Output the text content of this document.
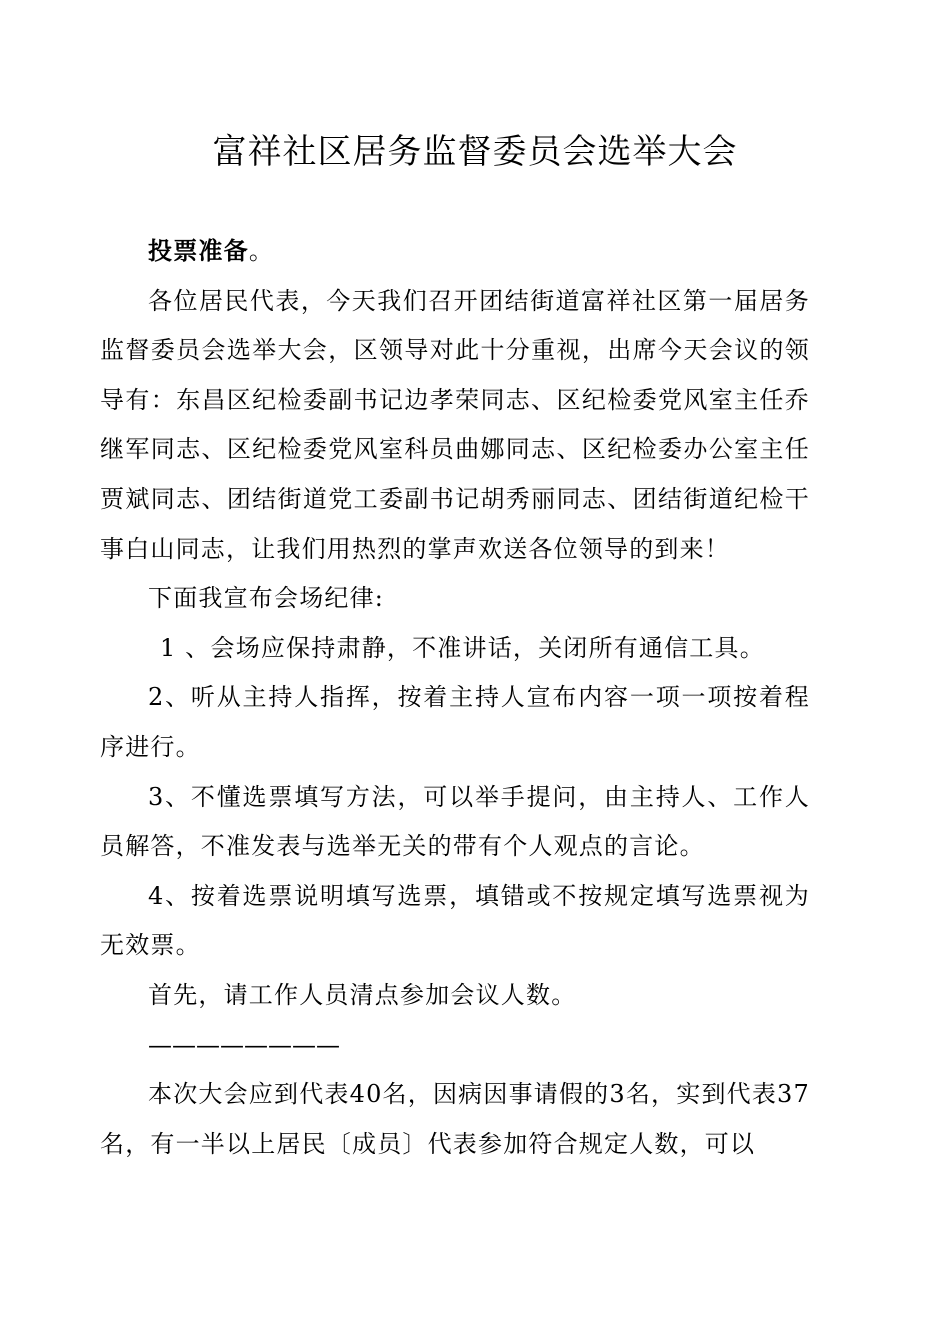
富祥社区居务监督委员会选举大会

投票准备。

各位居民代表，今天我们召开团结街道富祥社区第一届居务监督委员会选举大会，区领导对此十分重视，出席今天会议的领导有：东昌区纪检委副书记边孝荣同志、区纪检委党风室主任乔继军同志、区纪检委党风室科员曲娜同志、区纪检委办公室主任贾斌同志、团结街道党工委副书记胡秀丽同志、团结街道纪检干事白山同志，让我们用热烈的掌声欢送各位领导的到来！

下面我宣布会场纪律:

1 、会场应保持肃静，不准讲话，关闭所有通信工具。

2、听从主持人指挥，按着主持人宣布内容一项一项按着程序进行。

3、不懂选票填写方法，可以举手提问，由主持人、工作人员解答，不准发表与选举无关的带有个人观点的言论。

4、按着选票说明填写选票，填错或不按规定填写选票视为无效票。

首先，请工作人员清点参加会议人数。

————————

本次大会应到代表40名，因病因事请假的3名，实到代表37名，有一半以上居民〔成员〕代表参加符合规定人数，可以
